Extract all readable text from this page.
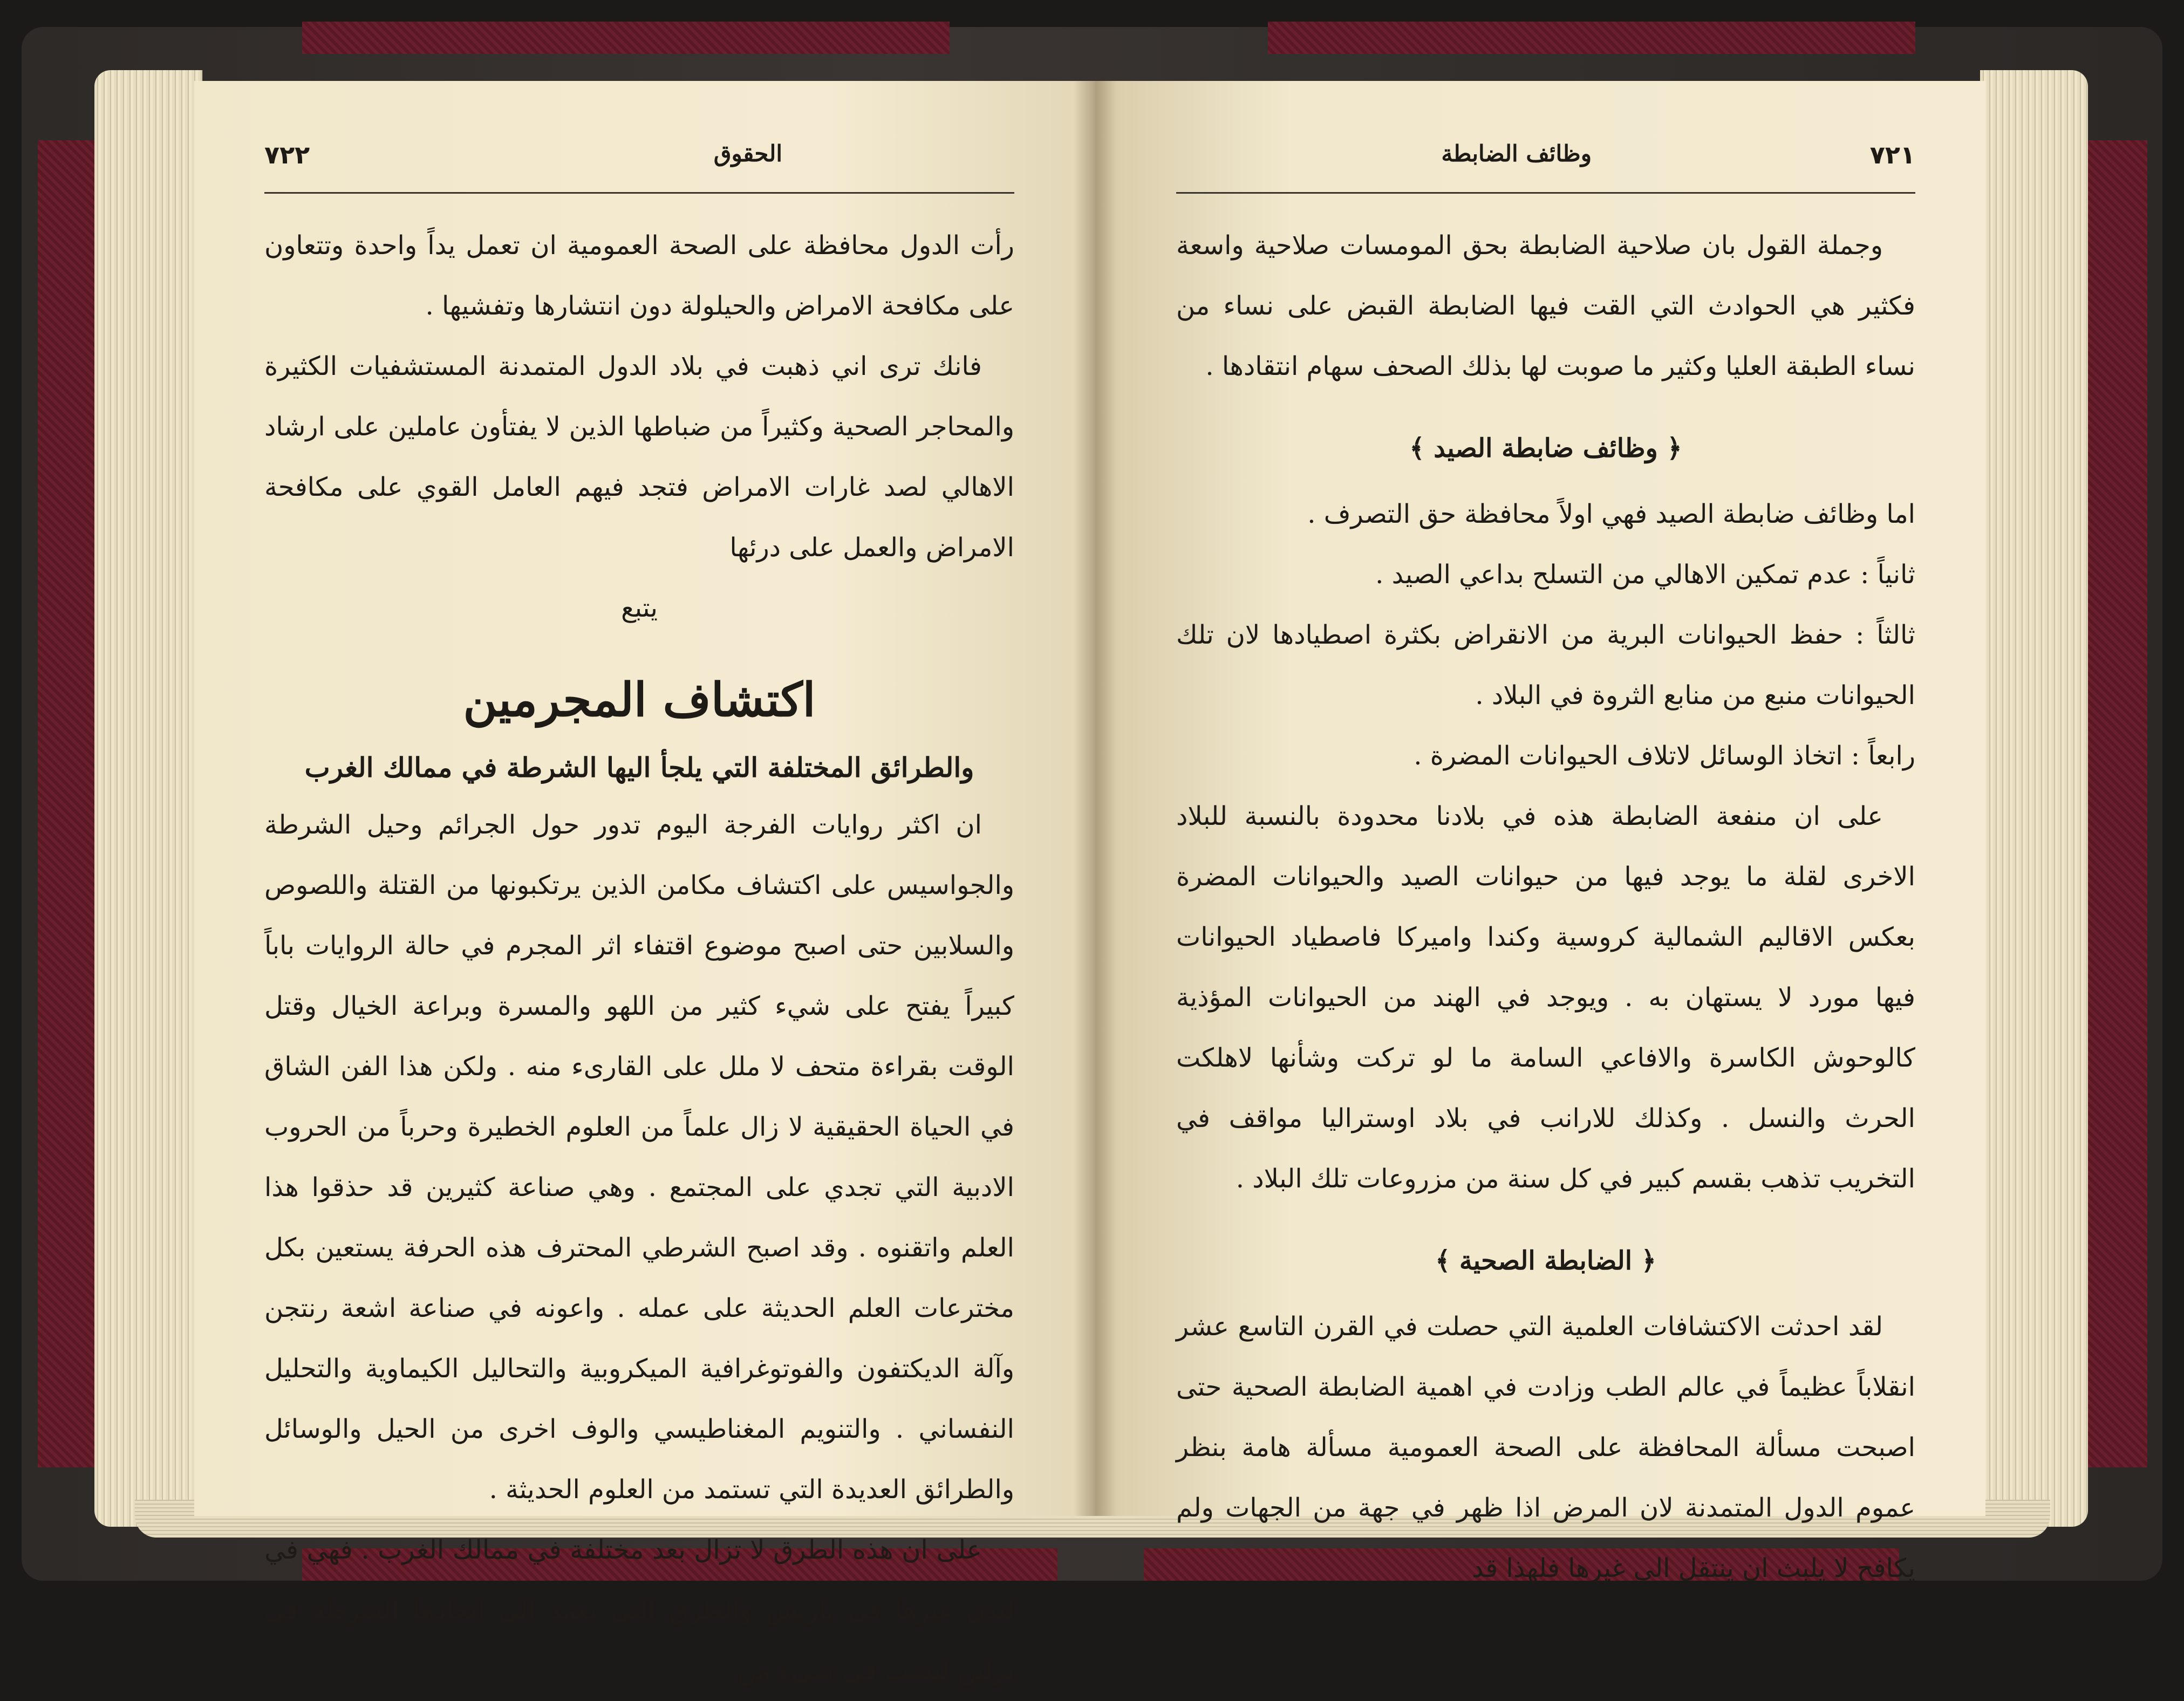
٧٢٢	الحقوق

رأت الدول محافظة على الصحة العمومية ان تعمل يداً واحدة وتتعاون على مكافحة الامراض والحيلولة دون انتشارها وتفشيها .

فانك ترى اني ذهبت في بلاد الدول المتمدنة المستشفيات الكثيرة والمحاجر الصحية وكثيراً من ضباطها الذين لا يفتأون عاملين على ارشاد الاهالي لصد غارات الامراض فتجد فيهم العامل القوي على مكافحة الامراض والعمل على درئها

يتبع
اكتشاف المجرمين
والطرائق المختلفة التي يلجأ اليها الشرطة في ممالك الغرب

ان اكثر روايات الفرجة اليوم تدور حول الجرائم وحيل الشرطة والجواسيس على اكتشاف مكامن الذين يرتكبونها من القتلة واللصوص والسلابين حتى اصبح موضوع اقتفاء اثر المجرم في حالة الروايات باباً كبيراً يفتح على شيء كثير من اللهو والمسرة وبراعة الخيال وقتل الوقت بقراءة متحف لا ملل على القارىء منه . ولكن هذا الفن الشاق في الحياة الحقيقية لا زال علماً من العلوم الخطيرة وحرباً من الحروب الادبية التي تجدي على المجتمع . وهي صناعة كثيرين قد حذقوا هذا العلم واتقنوه . وقد اصبح الشرطي المحترف هذه الحرفة يستعين بكل مخترعات العلم الحديثة على عمله . واعونه في صناعة اشعة رنتجن وآلة الديكتفون والفوتوغرافية الميكروبية والتحاليل الكيماوية والتحليل النفساني . والتنويم المغناطيسي والوف اخرى من الحيل والوسائل والطرائق العديدة التي تستمد من العلوم الحديثة .

على ان هذه الطرق لا تزال بعد مختلفة في ممالك الغرب . فهي في لندن غيرها في باريس والطرق التي يعمد الى اتخاذها الشرطة في برلين ليست في شيء من

٧٢١
وظائف الضابطة

وجملة القول بان صلاحية الضابطة بحق المومسات صلاحية واسعة فكثير هي الحوادث التي القت فيها الضابطة القبض على نساء من نساء الطبقة العليا وكثير ما صوبت لها بذلك الصحف سهام انتقادها .

﴿ وظائف ضابطة الصيد ﴾

اما وظائف ضابطة الصيد فهي اولاً محافظة حق التصرف .

ثانياً : عدم تمكين الاهالي من التسلح بداعي الصيد .

ثالثاً : حفظ الحيوانات البرية من الانقراض بكثرة اصطيادها لان تلك الحيوانات منبع من منابع الثروة في البلاد .

رابعاً : اتخاذ الوسائل لاتلاف الحيوانات المضرة .

على ان منفعة الضابطة هذه في بلادنا محدودة بالنسبة للبلاد الاخرى لقلة ما يوجد فيها من حيوانات الصيد والحيوانات المضرة بعكس الاقاليم الشمالية كروسية وكندا واميركا فاصطياد الحيوانات فيها مورد لا يستهان به . ويوجد في الهند من الحيوانات المؤذية كالوحوش الكاسرة والافاعي السامة ما لو تركت وشأنها لاهلكت الحرث والنسل . وكذلك للارانب في بلاد اوستراليا مواقف في التخريب تذهب بقسم كبير في كل سنة من مزروعات تلك البلاد .

﴿ الضابطة الصحية ﴾

لقد احدثت الاكتشافات العلمية التي حصلت في القرن التاسع عشر انقلاباً عظيماً في عالم الطب وزادت في اهمية الضابطة الصحية حتى اصبحت مسألة المحافظة على الصحة العمومية مسألة هامة بنظر عموم الدول المتمدنة لان المرض اذا ظهر في جهة من الجهات ولم يكافح لا يلبث ان ينتقل الى غيرها فلهذا قد
